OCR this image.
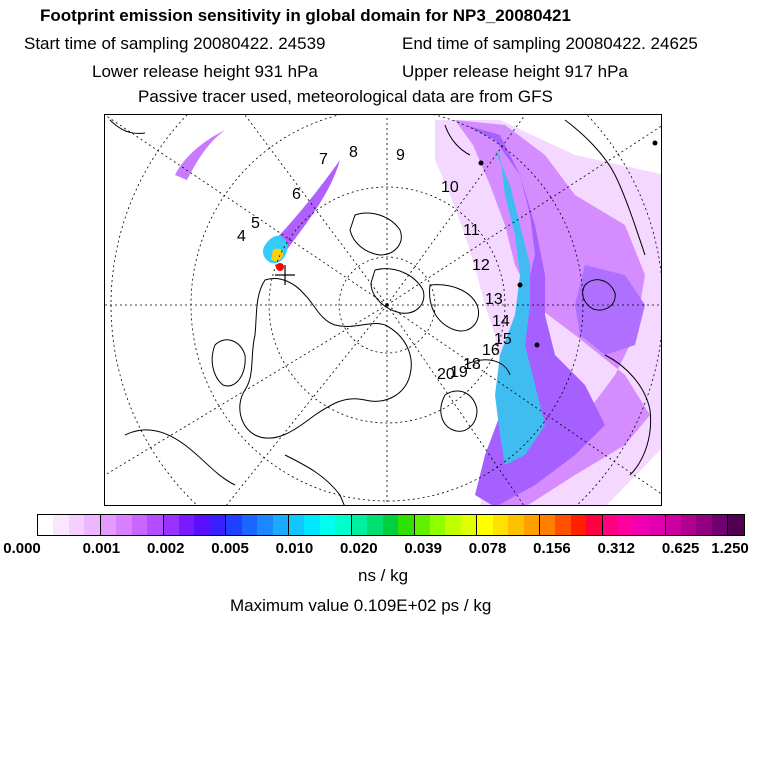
Footprint emission sensitivity in global domain for NP3_20080421
Start time of sampling 20080422. 24539	End time of sampling 20080422. 24625
Lower release height 931 hPa	Upper release height 917 hPa
Passive tracer used, meteorological data are from GFS
4
5
6
7 8 9
10
11
12
13
14
15
16
18
19
20
0.000	0.001 0.002 0.005 0.010 0.020 0.039 0.078 0.156 0.312 0.625 1.250
ns / kg
Maximum value 0.109E+02 ps / kg
